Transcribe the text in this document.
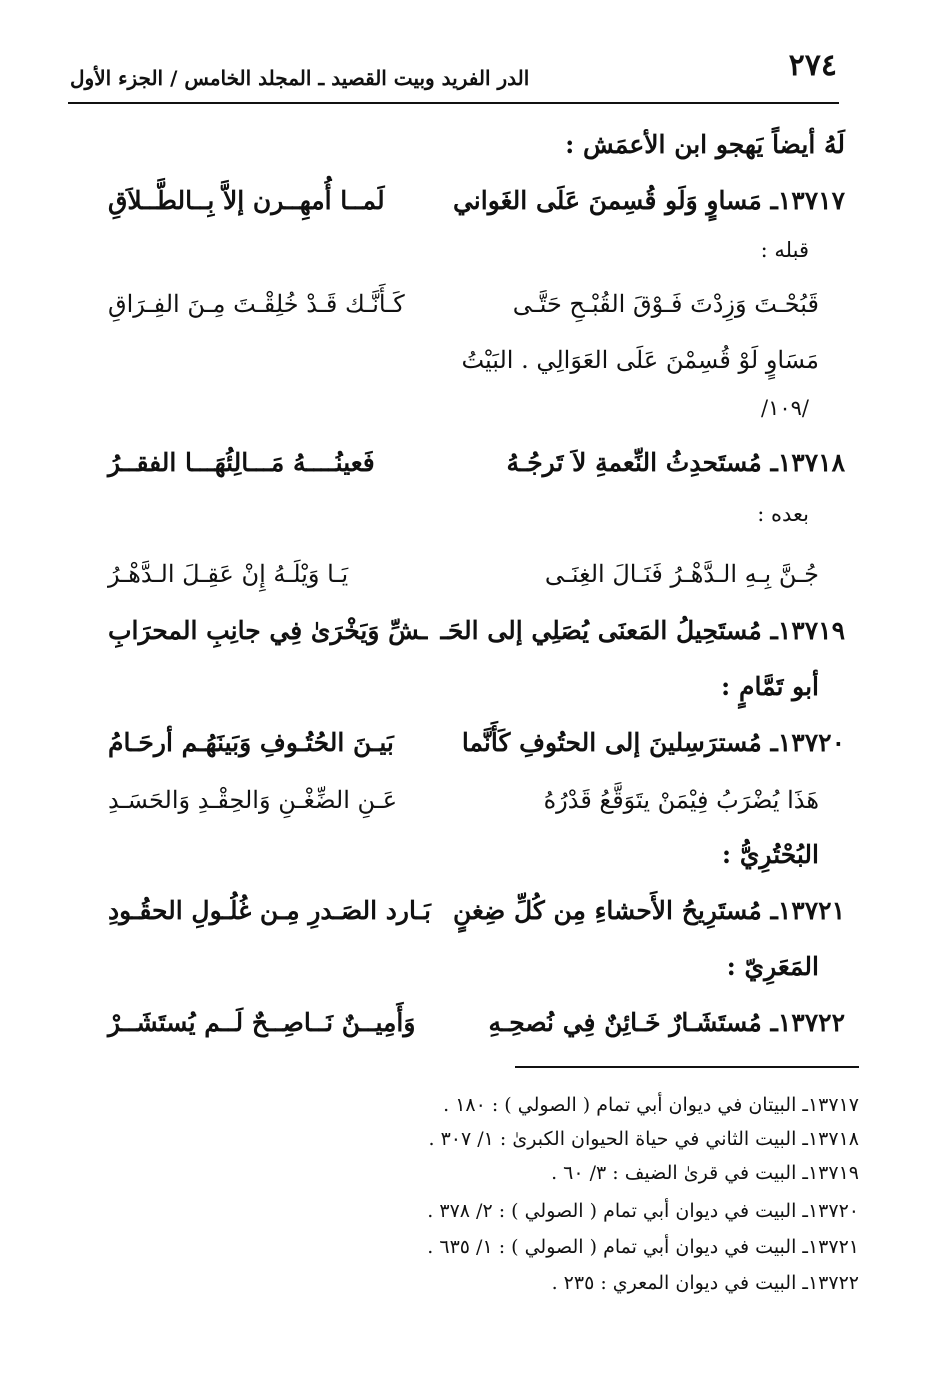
٢٧٤
الدر الفريد وبيت القصيد ـ المجلد الخامس / الجزء الأول
لَهُ أيضاً يَهجو ابن الأعمَش :
١٣٧١٧ـ مَساوٍ وَلَو قُسِمنَ عَلَى الغَواني
لَمــا أُمهِــرن إلاَّ بِــالطَّــلاَقِ
قبله :
قَبُحْـتَ وَزِدْتَ فَـوْقَ القُبْـحِ حَتَّـى
كَـأَنَّـك قَـدْ خُلِقْـتَ مِـنَ الفِـرَاقِ
مَسَاوٍ لَوْ قُسِمْنَ عَلَى العَوَالِي . البَيْتُ
/١٠٩/
١٣٧١٨ـ مُستَحدِثُ النِّعمةِ لاَ تَرجُـهُ
فَعينُــــهُ مَـــالِئُهَـــا الفقــرُ
بعده :
جُـنَّ بِـهِ الـدَّهْـرُ فَنَـالَ الغِنَـى
يَـا وَيْلَـهُ إِنْ عَقِـلَ الـدَّهْـرُ
١٣٧١٩ـ مُستَحِيلُ المَعنَى يُصَلِي إلى الحَـ
ـشِّ وَيَخْرَىٰ فِي جانِبِ المحرَابِ
أبو تَمَّامٍ :
١٣٧٢٠ـ مُسترَسِلينَ إلى الحتُوفِ كَأَنَّما
بَيـنَ الحُتُـوفِ وَبَينَهُـم أرحَـامُ
هَذَا يُضْرَبُ فِيْمَنْ يتَوَقَّعُ قَدْرُهُ
عَـنِ الضِّغْـنِ وَالحِقْـدِ وَالحَسَـدِ
البُحْتُرِيُّ :
١٣٧٢١ـ مُستَرِيحُ الأَحشاءِ مِن كُلِّ ضِغنٍ
بَـارد الصَـدرِ مِـن غُلُـولِ الحقُـودِ
المَعَرِيّ :
١٣٧٢٢ـ مُستَشَـارٌ خَـائِنٌ فِي نُصحِـهِ
وَأَمِيــنٌ نَــاصِــحٌ لَــم يُستَشَــرْ
١٣٧١٧ـ البيتان في ديوان أبي تمام ( الصولي ) : ١٨٠ .
١٣٧١٨ـ البيت الثاني في حياة الحيوان الكبرىٰ : ١/ ٣٠٧ .
١٣٧١٩ـ البيت في قرىٰ الضيف : ٣/ ٦٠ .
١٣٧٢٠ـ البيت في ديوان أبي تمام ( الصولي ) : ٢/ ٣٧٨ .
١٣٧٢١ـ البيت في ديوان أبي تمام ( الصولي ) : ١/ ٦٣٥ .
١٣٧٢٢ـ البيت في ديوان المعري : ٢٣٥ .
